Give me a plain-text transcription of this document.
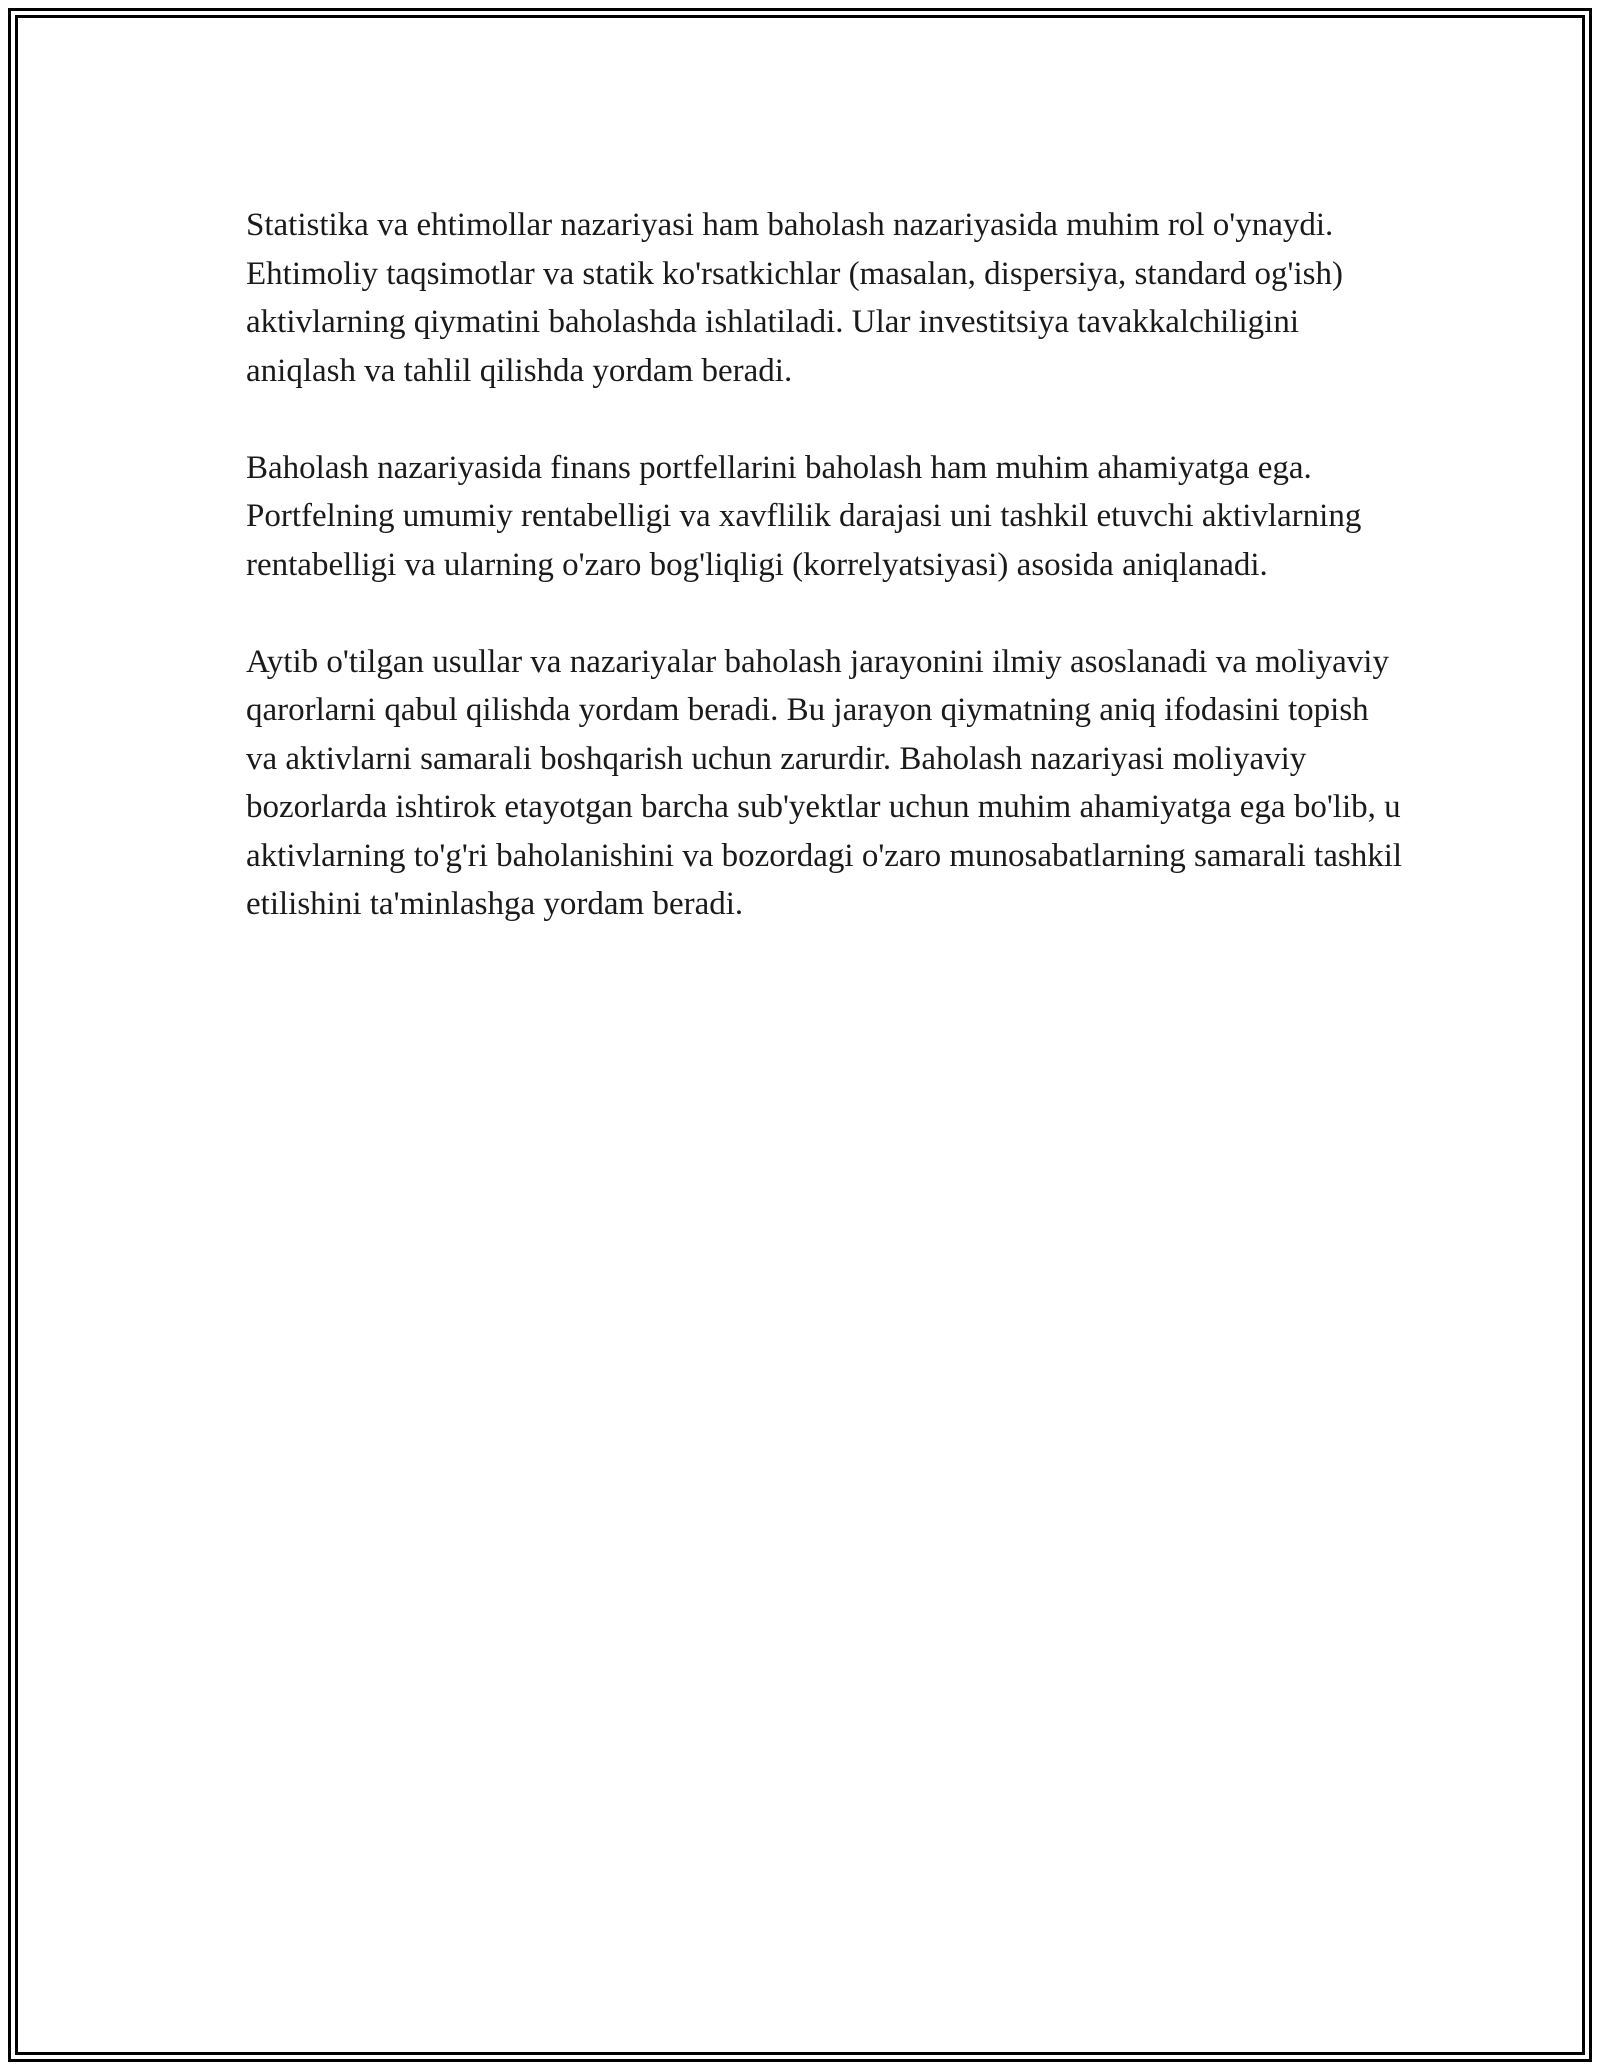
Statistika va ehtimollar nazariyasi ham baholash nazariyasida muhim rol o'ynaydi. Ehtimoliy taqsimotlar va statik ko'rsatkichlar (masalan, dispersiya, standard og'ish) aktivlarning qiymatini baholashda ishlatiladi. Ular investitsiya tavakkalchiligini aniqlash va tahlil qilishda yordam beradi.

Baholash nazariyasida finans portfellarini baholash ham muhim ahamiyatga ega. Portfelning umumiy rentabelligi va xavflilik darajasi uni tashkil etuvchi aktivlarning rentabelligi va ularning o'zaro bog'liqligi (korrelyatsiyasi) asosida aniqlanadi.

Aytib o'tilgan usullar va nazariyalar baholash jarayonini ilmiy asoslanadi va moliyaviy qarorlarni qabul qilishda yordam beradi. Bu jarayon qiymatning aniq ifodasini topish va aktivlarni samarali boshqarish uchun zarurdir. Baholash nazariyasi moliyaviy bozorlarda ishtirok etayotgan barcha sub'yektlar uchun muhim ahamiyatga ega bo'lib, u aktivlarning to'g'ri baholanishini va bozordagi o'zaro munosabatlarning samarali tashkil etilishini ta'minlashga yordam beradi.
